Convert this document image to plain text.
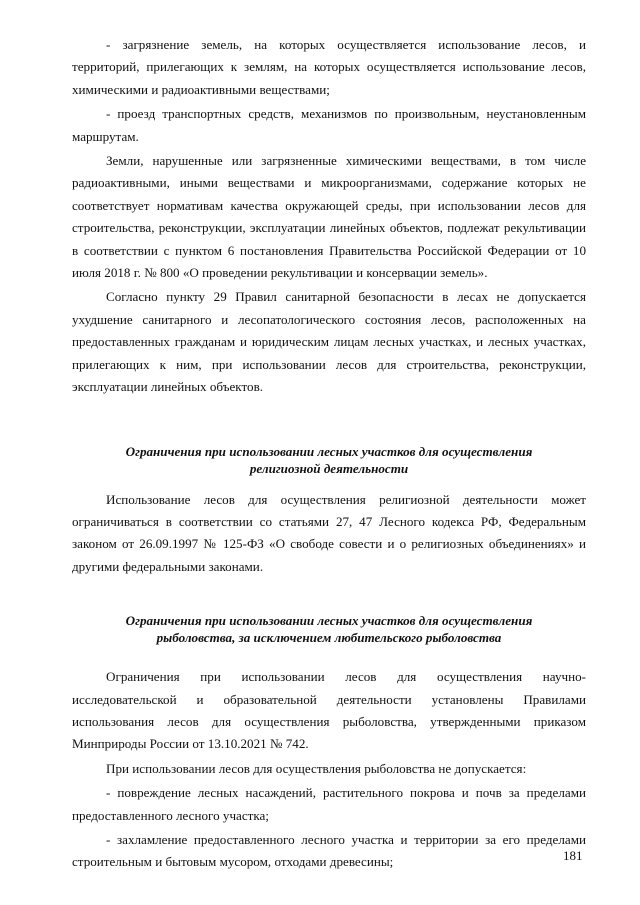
- загрязнение земель, на которых осуществляется использование лесов, и территорий, прилегающих к землям, на которых осуществляется использование лесов, химическими и радиоактивными веществами;

- проезд транспортных средств, механизмов по произвольным, неустановленным маршрутам.

Земли, нарушенные или загрязненные химическими веществами, в том числе радиоактивными, иными веществами и микроорганизмами, содержание которых не соответствует нормативам качества окружающей среды, при использовании лесов для строительства, реконструкции, эксплуатации линейных объектов, подлежат рекультивации в соответствии с пунктом 6 постановления Правительства Российской Федерации от 10 июля 2018 г. № 800 «О проведении рекультивации и консервации земель».

Согласно пункту 29 Правил санитарной безопасности в лесах не допускается ухудшение санитарного и лесопатологического состояния лесов, расположенных на предоставленных гражданам и юридическим лицам лесных участках, и лесных участках, прилегающих к ним, при использовании лесов для строительства, реконструкции, эксплуатации линейных объектов.

Ограничения при использовании лесных участков для осуществления
религиозной деятельности

Использование лесов для осуществления религиозной деятельности может ограничиваться в соответствии со статьями 27, 47 Лесного кодекса РФ, Федеральным законом от 26.09.1997 № 125-ФЗ «О свободе совести и о религиозных объединениях» и другими федеральными законами.

Ограничения при использовании лесных участков для осуществления
рыболовства, за исключением любительского рыболовства

Ограничения при использовании лесов для осуществления научно-исследовательской и образовательной деятельности установлены Правилами использования лесов для осуществления рыболовства, утвержденными приказом Минприроды России от 13.10.2021 № 742.

При использовании лесов для осуществления рыболовства не допускается:

- повреждение лесных насаждений, растительного покрова и почв за пределами предоставленного лесного участка;

- захламление предоставленного лесного участка и территории за его пределами строительным и бытовым мусором, отходами древесины;	181
